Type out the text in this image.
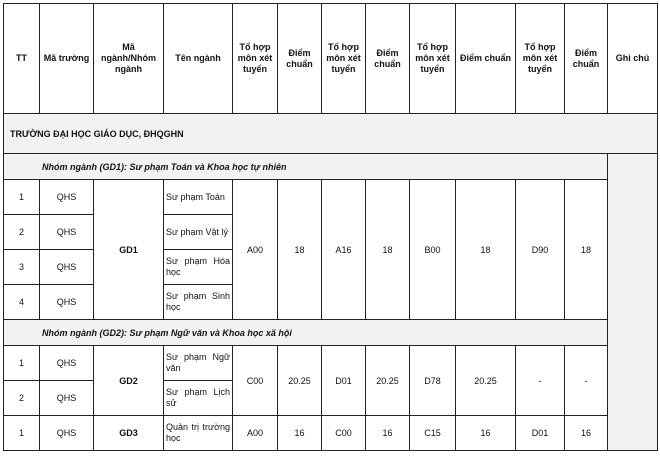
TT	Mã trường	Mã ngành/Nhóm ngành	Tên ngành	Tổ hợp môn xét tuyển	Điểm chuẩn	Tổ hợp môn xét tuyển	Điểm chuẩn	Tổ hợp môn xét tuyển	Điểm chuẩn	Tổ hợp môn xét tuyển	Điểm chuẩn	Ghi chú
TRƯỜNG ĐẠI HỌC GIÁO DỤC, ĐHQGHN												
Nhóm ngành (GD1): Sư phạm Toán và Khoa học tự nhiên												
1	QHS	GD1	Sư phạm Toán	A00	18	A16	18	B00	18	D90	18	
2	QHS		Sư phạm Vật lý									
3	QHS		Sư phạm Hóa học									
4	QHS		Sư phạm Sinh học									
Nhóm ngành (GD2): Sư phạm Ngữ văn và Khoa học xã hội												
1	QHS	GD2	Sư phạm Ngữ văn	C00	20.25	D01	20.25	D78	20.25	-	-	
2	QHS		Sư phạm Lịch sử									
1	QHS	GD3	Quản trị trường học	A00	16	C00	16	C15	16	D01	16	
